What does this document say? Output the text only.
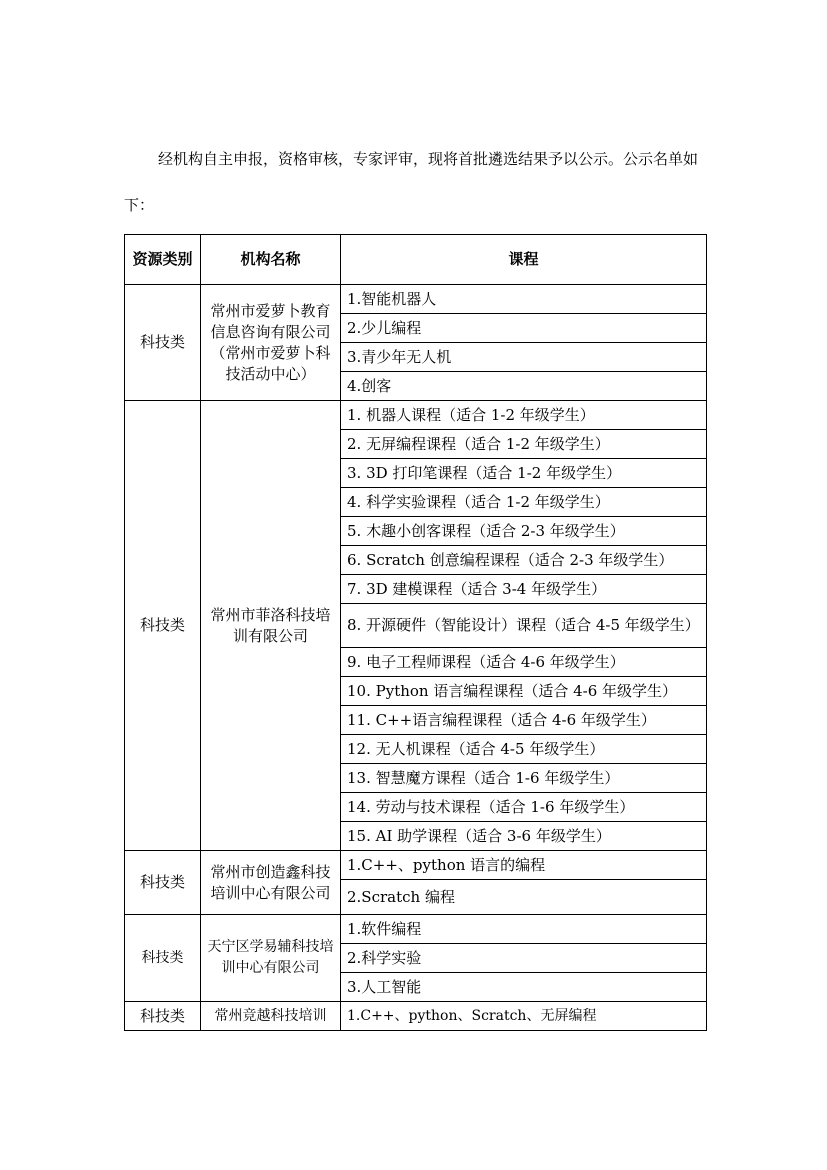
经机构自主申报，资格审核，专家评审，现将首批遴选结果予以公示。公示名单如下：

资源类别	机构名称	课程
科技类	常州市爱萝卜教育信息咨询有限公司（常州市爱萝卜科技活动中心）	1.智能机器人
		2.少儿编程
		3.青少年无人机
		4.创客
科技类	常州市菲洛科技培训有限公司	1. 机器人课程（适合 1-2 年级学生）
		2. 无屏编程课程（适合 1-2 年级学生）
		3. 3D 打印笔课程（适合 1-2 年级学生）
		4. 科学实验课程（适合 1-2 年级学生）
		5. 木趣小创客课程（适合 2-3 年级学生）
		6. Scratch 创意编程课程（适合 2-3 年级学生）
		7. 3D 建模课程（适合 3-4 年级学生）
		8. 开源硬件（智能设计）课程（适合 4-5 年级学生）
		9. 电子工程师课程（适合 4-6 年级学生）
		10. Python 语言编程课程（适合 4-6 年级学生）
		11. C++语言编程课程（适合 4-6 年级学生）
		12. 无人机课程（适合 4-5 年级学生）
		13. 智慧魔方课程（适合 1-6 年级学生）
		14. 劳动与技术课程（适合 1-6 年级学生）
		15. AI 助学课程（适合 3-6 年级学生）
科技类	常州市创造鑫科技培训中心有限公司	1.C++、python 语言的编程
		2.Scratch 编程
科技类	天宁区学易辅科技培训中心有限公司	1.软件编程
		2.科学实验
		3.人工智能
科技类	常州竞越科技培训	1.C++、python、Scratch、无屏编程
